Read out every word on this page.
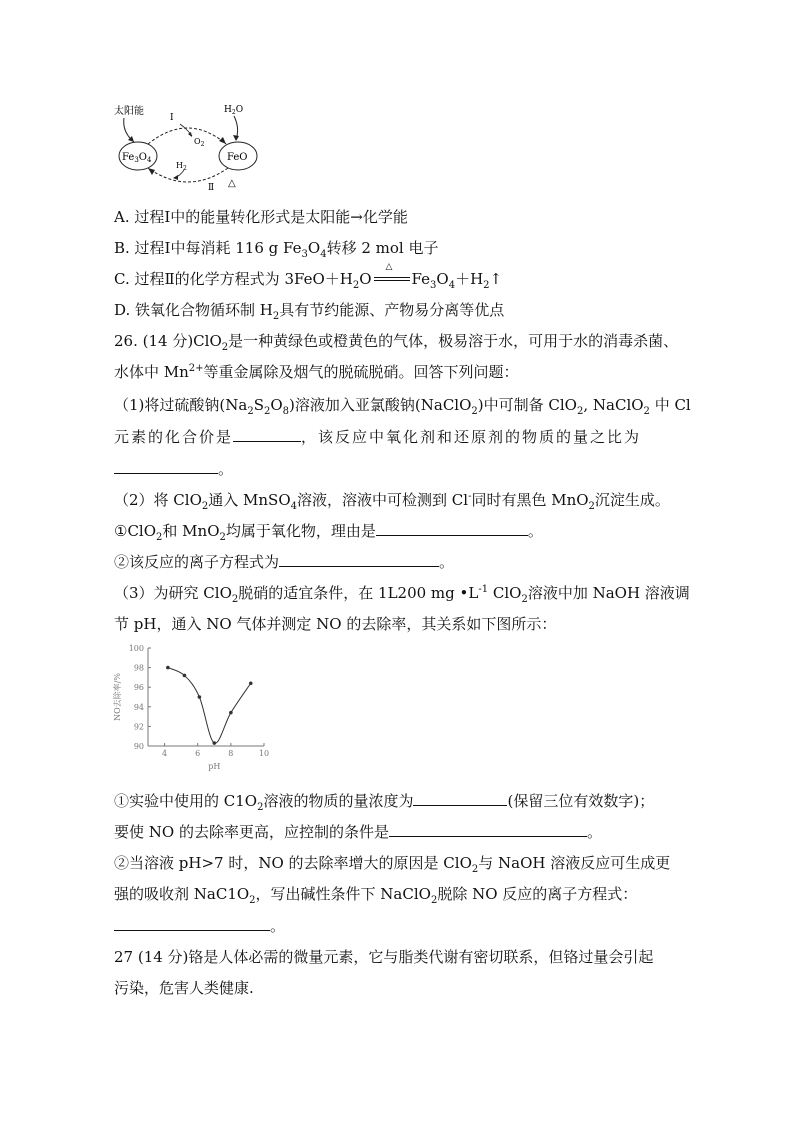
太阳能
$Fe_3O_4$	FeO
Ⅰ
$O_2$
$H_2O$
$H_2$
Ⅱ △
A. 过程Ⅰ中的能量转化形式是太阳能→化学能
B. 过程Ⅰ中每消耗 116 g $Fe_3O_4$转移 2 mol 电子
C. 过程Ⅱ的化学方程式为 $3FeO+H_2O$
△
$Fe_3O_4+H_2↑$
D. 铁氧化合物循环制 $H_2$具有节约能源、产物易分离等优点
26. (14 分)ClO$_2$是一种黄绿色或橙黄色的气体，极易溶于水，可用于水的消毒杀菌、
水体中 $Mn^{2+}$等重金属除及烟气的脱硫脱硝。回答下列问题：
（1)将过硫酸钠$(Na_2S_2O_8)$溶液加入亚氯酸钠(NaClO$_2$)中可制备 ClO$_2$, NaClO$_2$ 中 Cl
元素的化合价是	，该反应中氧化剂和还原剂的物质的量之比为
。
（2）将 ClO$_2$通入 MnSO$_4$溶液，溶液中可检测到 Cl-同时有黑色 MnO$_2$沉淀生成。
①ClO$_2$和 MnO$_2$均属于氧化物，理由是	。
②该反应的离子方程式为	。
（3）为研究 ClO$_2$脱硝的适宜条件，在 1L200 mg $•L^{-1}$ ClO$_2$溶液中加 NaOH 溶液调
节 pH，通入 NO 气体并测定 NO 的去除率，其关系如下图所示：
90
92
94
96
98
100
4	6	8	10
pH
NO去除率/%
①实验中使用的 $C1O_2$溶液的物质的量浓度为	(保留三位有效数字)；
要使 NO 的去除率更高，应控制的条件是	。
②当溶液 pH>7 时，NO 的去除率增大的原因是 ClO$_2$与 NaOH 溶液反应可生成更
强的吸收剂 $NaC1O_2$，写出碱性条件下 NaClO$_2$脱除 NO 反应的离子方程式：
。
27 (14 分)铬是人体必需的微量元素，它与脂类代谢有密切联系，但铬过量会引起
污染，危害人类健康.
